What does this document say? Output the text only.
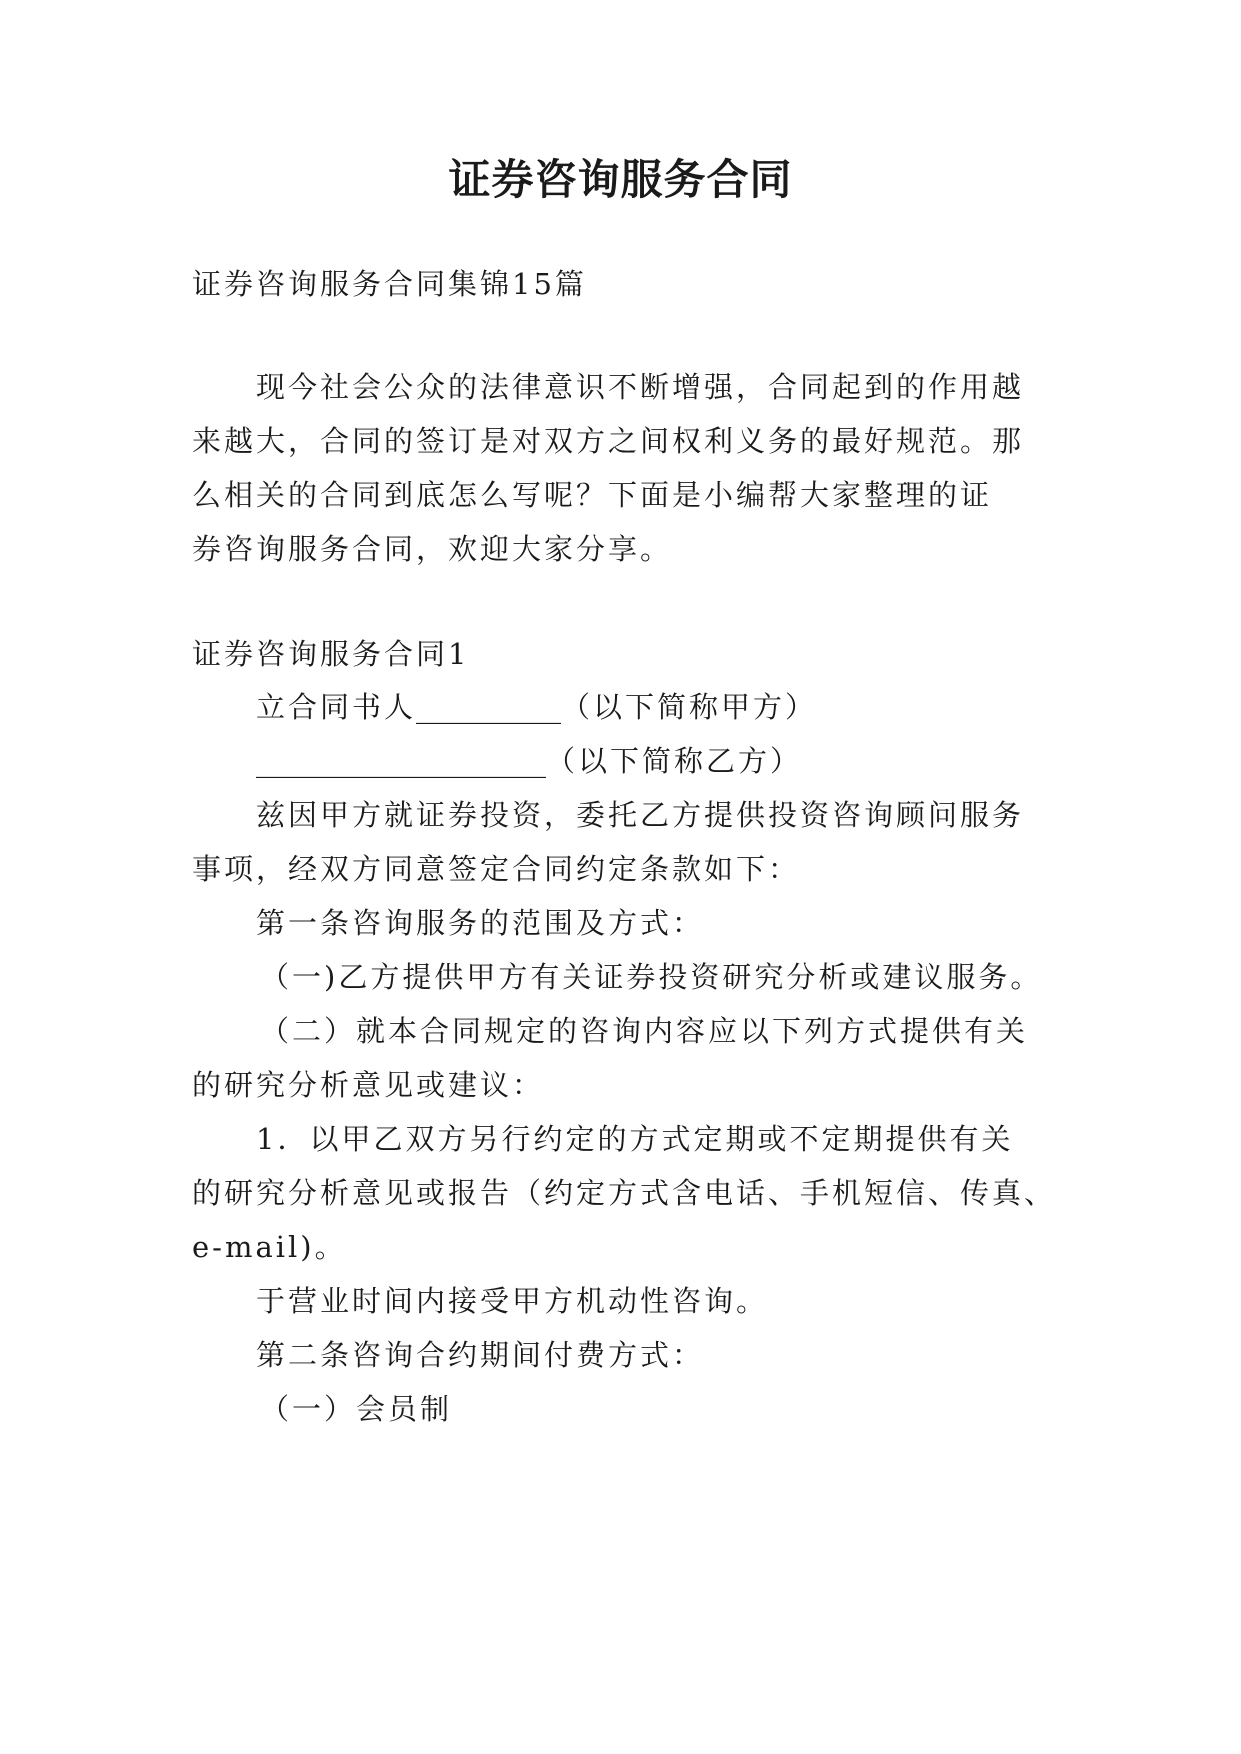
证券咨询服务合同

证券咨询服务合同集锦15篇

现今社会公众的法律意识不断增强，合同起到的作用越

来越大，合同的签订是对双方之间权利义务的最好规范。那

么相关的合同到底怎么写呢？下面是小编帮大家整理的证

券咨询服务合同，欢迎大家分享。

证券咨询服务合同1

立合同书人__________（以下简称甲方）

____________________（以下简称乙方）

兹因甲方就证券投资，委托乙方提供投资咨询顾问服务

事项，经双方同意签定合同约定条款如下：

第一条咨询服务的范围及方式：

（一)乙方提供甲方有关证券投资研究分析或建议服务。

（二）就本合同规定的咨询内容应以下列方式提供有关

的研究分析意见或建议：

1．以甲乙双方另行约定的方式定期或不定期提供有关

的研究分析意见或报告（约定方式含电话、手机短信、传真、

e-mail)。

于营业时间内接受甲方机动性咨询。

第二条咨询合约期间付费方式：

（一）会员制
